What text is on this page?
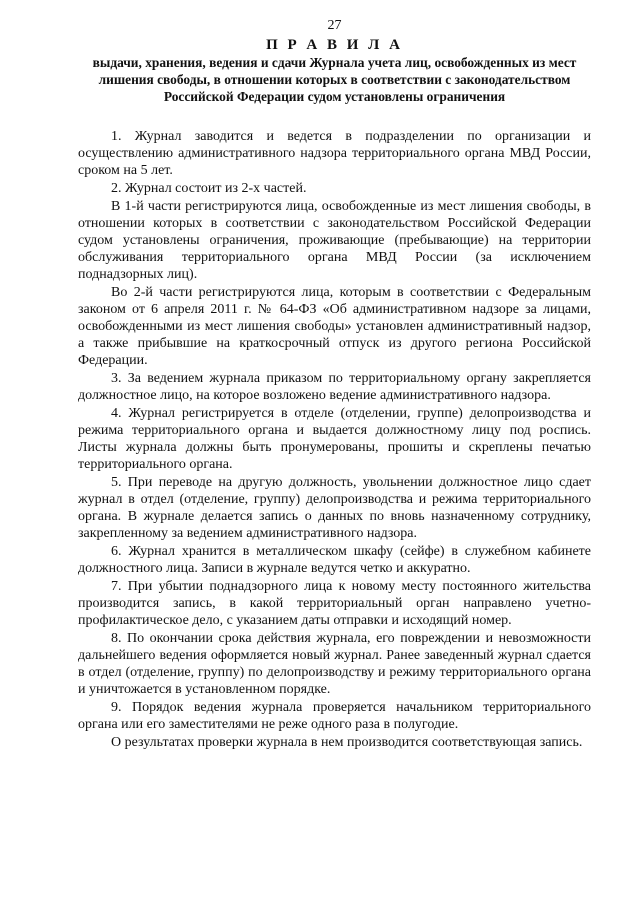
27
П Р А В И Л А
выдачи, хранения, ведения и сдачи Журнала учета лиц, освобожденных из мест лишения свободы, в отношении которых в соответствии с законодательством Российской Федерации судом установлены ограничения

1. Журнал заводится и ведется в подразделении по организации и осуществлению административного надзора территориального органа МВД России, сроком на 5 лет.

2. Журнал состоит из 2-х частей.

В 1-й части регистрируются лица, освобожденные из мест лишения свободы, в отношении которых в соответствии с законодательством Российской Федерации судом установлены ограничения, проживающие (пребывающие) на территории обслуживания территориального органа МВД России (за исключением поднадзорных лиц).

Во 2-й части регистрируются лица, которым в соответствии с Федеральным законом от 6 апреля 2011 г. № 64-ФЗ «Об административном надзоре за лицами, освобожденными из мест лишения свободы» установлен административный надзор, а также прибывшие на краткосрочный отпуск из другого региона Российской Федерации.

3. За ведением журнала приказом по территориальному органу закрепляется должностное лицо, на которое возложено ведение административного надзора.

4. Журнал регистрируется в отделе (отделении, группе) делопроизводства и режима территориального органа и выдается должностному лицу под роспись. Листы журнала должны быть пронумерованы, прошиты и скреплены печатью территориального органа.

5. При переводе на другую должность, увольнении должностное лицо сдает журнал в отдел (отделение, группу) делопроизводства и режима территориального органа. В журнале делается запись о данных по вновь назначенному сотруднику, закрепленному за ведением административного надзора.

6. Журнал хранится в металлическом шкафу (сейфе) в служебном кабинете должностного лица. Записи в журнале ведутся четко и аккуратно.

7. При убытии поднадзорного лица к новому месту постоянного жительства производится запись, в какой территориальный орган направлено учетно-профилактическое дело, с указанием даты отправки и исходящий номер.

8. По окончании срока действия журнала, его повреждении и невозможности дальнейшего ведения оформляется новый журнал. Ранее заведенный журнал сдается в отдел (отделение, группу) по делопроизводству и режиму территориального органа и уничтожается в установленном порядке.

9. Порядок ведения журнала проверяется начальником территориального органа или его заместителями не реже одного раза в полугодие.

О результатах проверки журнала в нем производится соответствующая запись.
